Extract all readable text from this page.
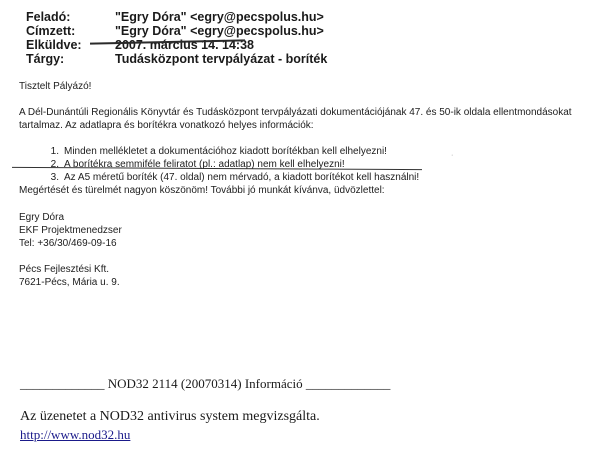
Feladó:	"Egry Dóra" <egry@pecspolus.hu>
Címzett:	"Egry Dóra" <egry@pecspolus.hu>
Elküldve:	2007. március 14. 14:38
Tárgy:	Tudásközpont tervpályázat - boríték

Tisztelt Pályázó!

A Dél-Dunántúli Regionális Könyvtár és Tudásközpont tervpályázati dokumentációjának 47. és 50-ik oldala ellentmondásokat

tartalmaz. Az adatlapra és borítékra vonatkozó helyes információk:

1. Minden mellékletet a dokumentációhoz kiadott borítékban kell elhelyezni!
2. A borítékra semmiféle feliratot (pl.: adatlap) nem kell elhelyezni!
3. Az A5 méretű boríték (47. oldal) nem mérvadó, a kiadott borítékot kell használni!

Megértését és türelmét nagyon köszönöm! További jó munkát kívánva, üdvözlettel:

Egry Dóra

EKF Projektmenedzser

Tel: +36/30/469-09-16

Pécs Fejlesztési Kft.

7621-Pécs, Mária u. 9.

·
_____________ NOD32 2114 (20070314) Információ _____________
Az üzenetet a NOD32 antivirus system megvizsgálta.
http://www.nod32.hu
